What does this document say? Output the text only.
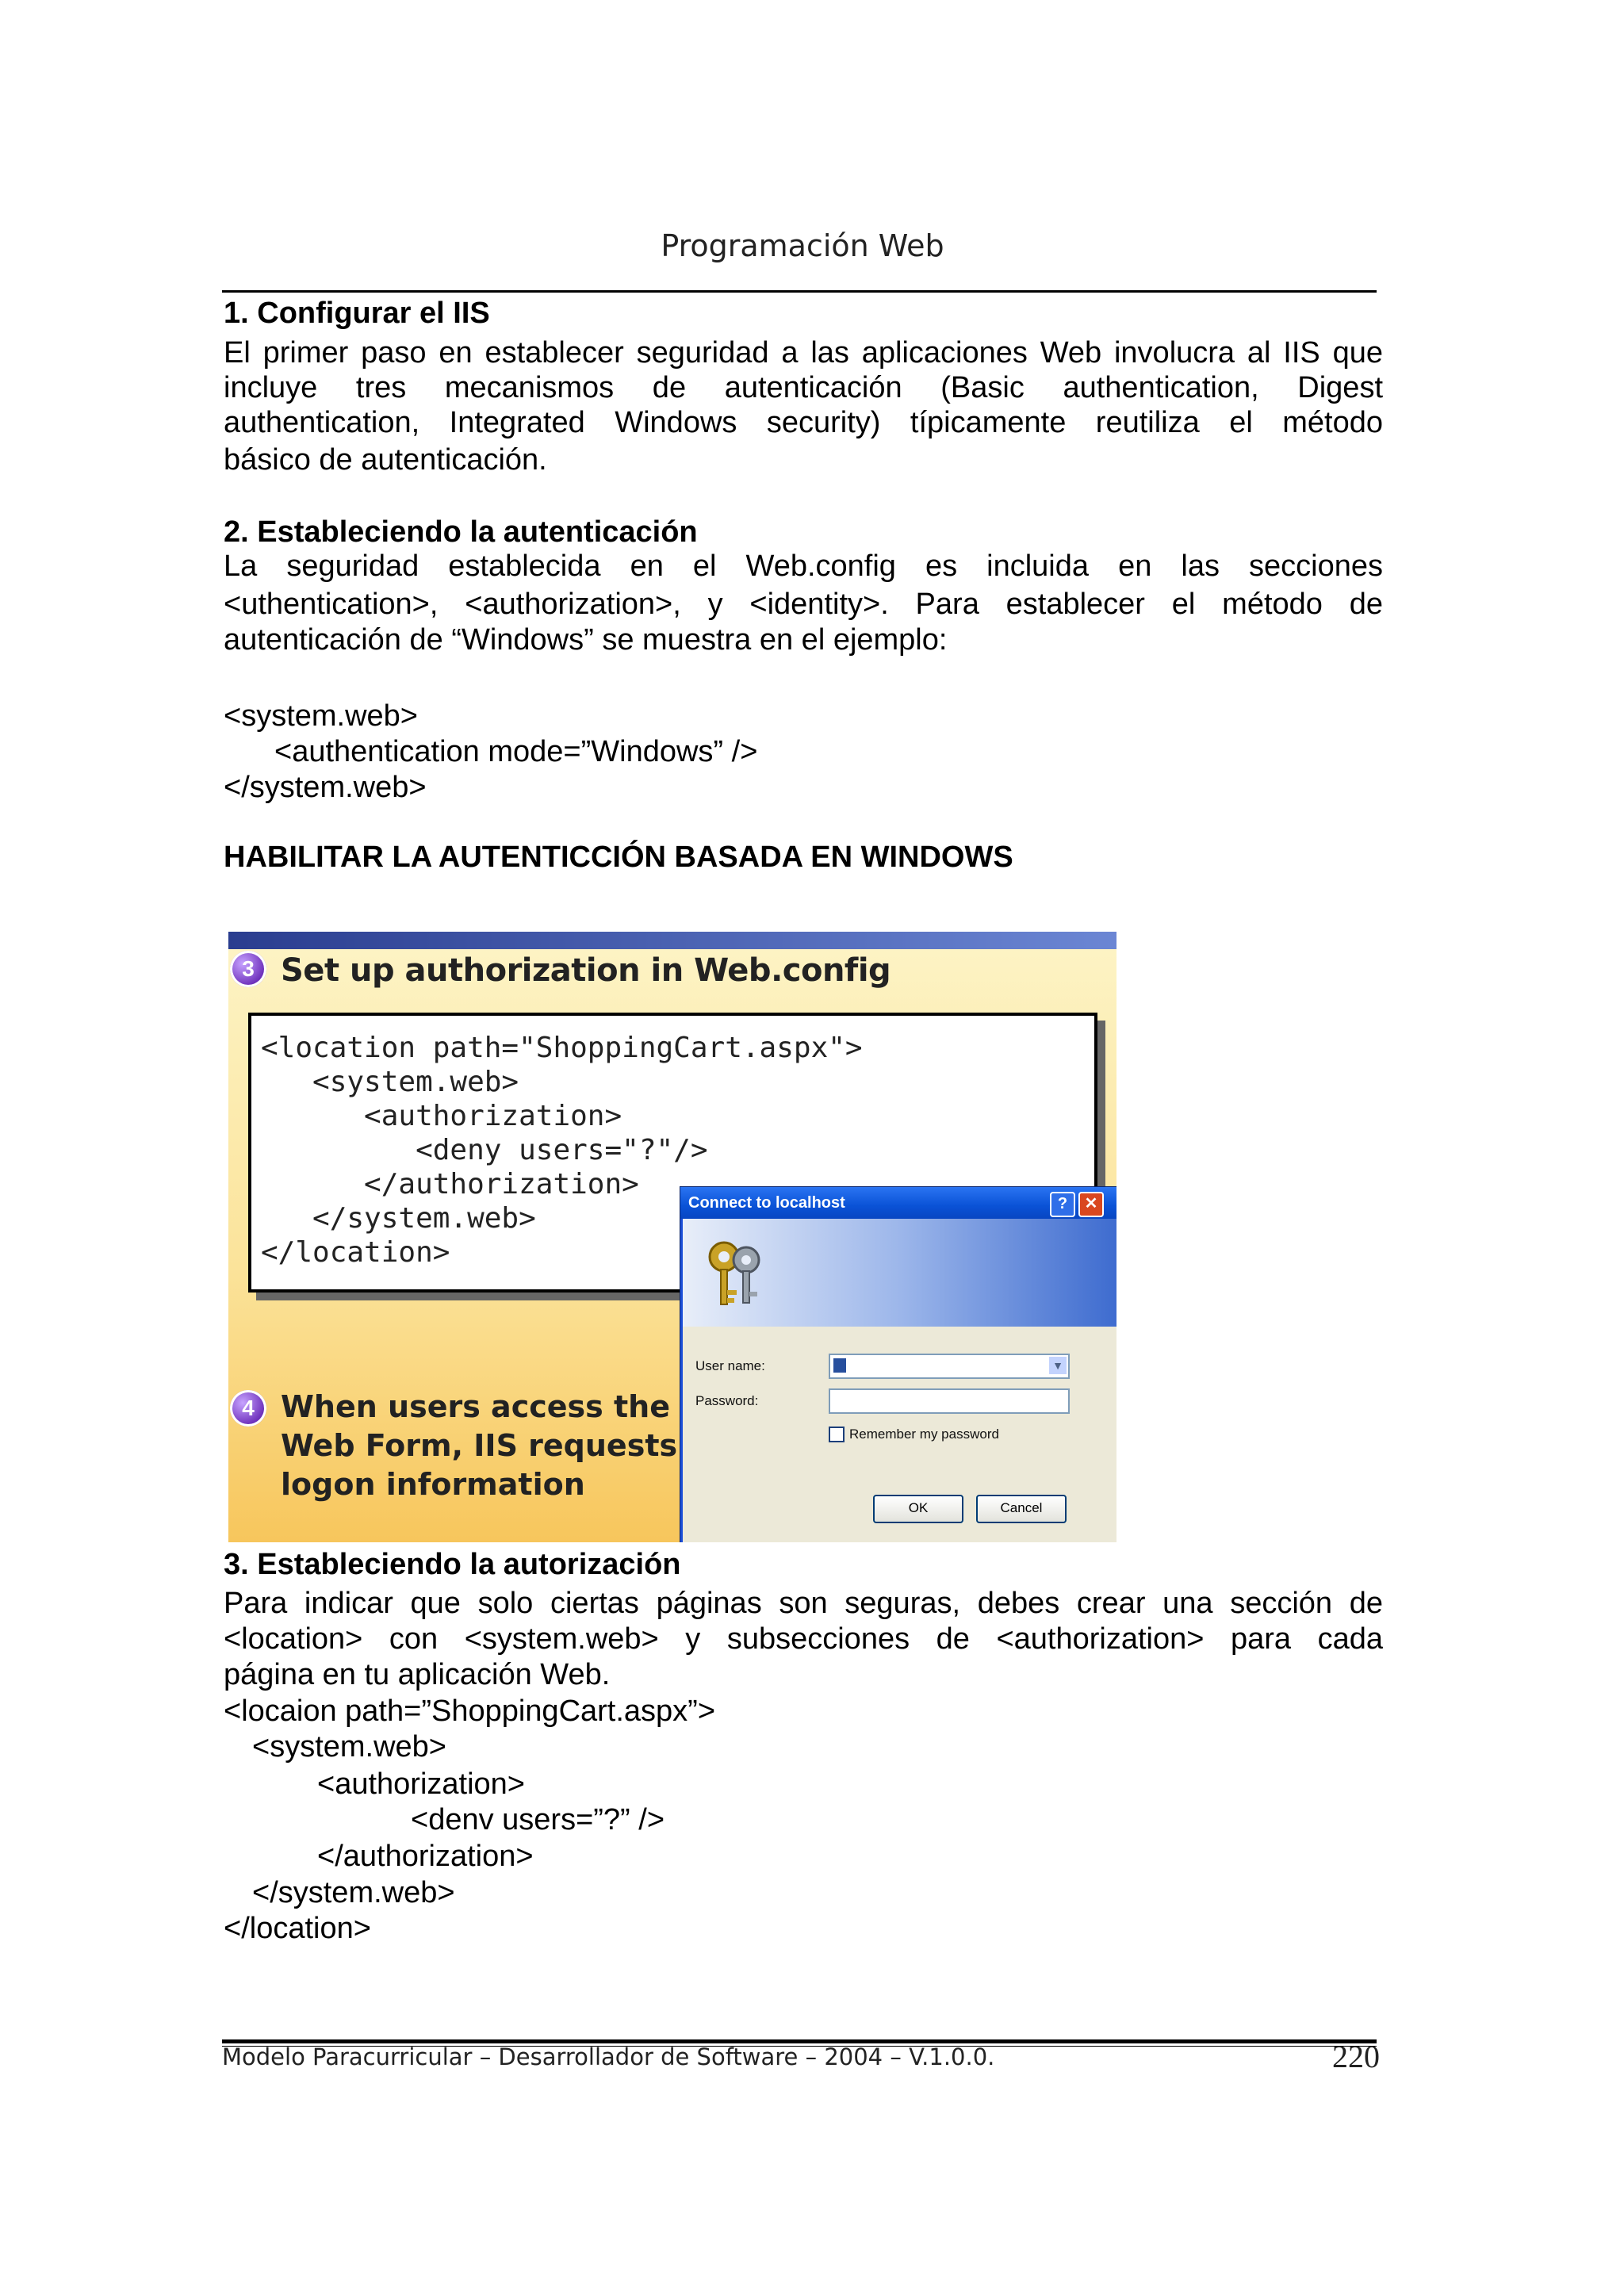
Programación Web
1. Configurar el IIS
El primer paso en establecer seguridad a las aplicaciones Web involucra al IIS que
incluye tres mecanismos de autenticación (Basic authentication, Digest
authentication, Integrated Windows security) típicamente reutiliza el método
básico de autenticación.
2. Estableciendo la autenticación
La seguridad establecida en el Web.config es incluida en las secciones
<uthentication>, <authorization>, y <identity>. Para establecer el método de
autenticación de “Windows” se muestra en el ejemplo:
<system.web>
<authentication mode=”Windows” />
</system.web>
HABILITAR LA AUTENTICCIÓN BASADA EN WINDOWS
3 Set up authorization in Web.config
<location path="ShoppingCart.aspx">
<system.web>
<authorization>
<deny users="?"/>
</authorization>
</system.web>
</location>
4 When users access the
Web Form, IIS requests
logon information
Connect to localhost	?	✕
User name:	▼
Password:
Remember my password
OK	Cancel
3. Estableciendo la autorización
Para indicar que solo ciertas páginas son seguras, debes crear una sección de
<location> con <system.web> y subsecciones de <authorization> para cada
página en tu aplicación Web.
<locaion path=”ShoppingCart.aspx”>
<system.web>
<authorization>
<denv users=”?” />
</authorization>
</system.web>
</location>
Modelo Paracurricular – Desarrollador de Software – 2004 – V.1.0.0.	220
